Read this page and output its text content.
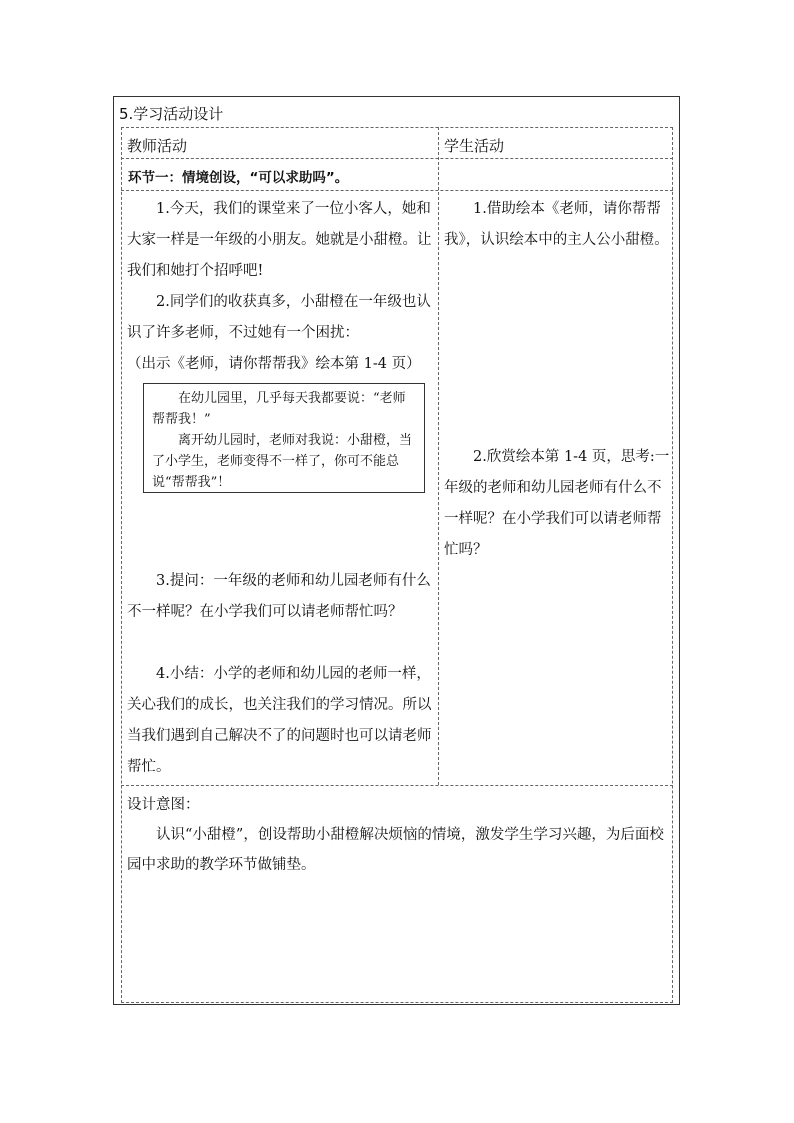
5.学习活动设计
教师活动	学生活动
环节一：情境创设，“可以求助吗”。

1.今天，我们的课堂来了一位小客人，她和大家一样是一年级的小朋友。她就是小甜橙。让我们和她打个招呼吧!

2.同学们的收获真多，小甜橙在一年级也认识了许多老师，不过她有一个困扰：

（出示《老师，请你帮帮我》绘本第 1-4 页）

在幼儿园里，几乎每天我都要说：“老师帮帮我！”

离开幼儿园时，老师对我说：小甜橙，当了小学生，老师变得不一样了，你可不能总说“帮帮我”！

3.提问：一年级的老师和幼儿园老师有什么不一样呢？在小学我们可以请老师帮忙吗？

4.小结：小学的老师和幼儿园的老师一样，关心我们的成长，也关注我们的学习情况。所以当我们遇到自己解决不了的问题时也可以请老师帮忙。

1.借助绘本《老师，请你帮帮我》，认识绘本中的主人公小甜橙。

2.欣赏绘本第 1-4 页，思考:一年级的老师和幼儿园老师有什么不一样呢？在小学我们可以请老师帮忙吗？

设计意图：

认识“小甜橙”，创设帮助小甜橙解决烦恼的情境，激发学生学习兴趣，为后面校园中求助的教学环节做铺垫。
